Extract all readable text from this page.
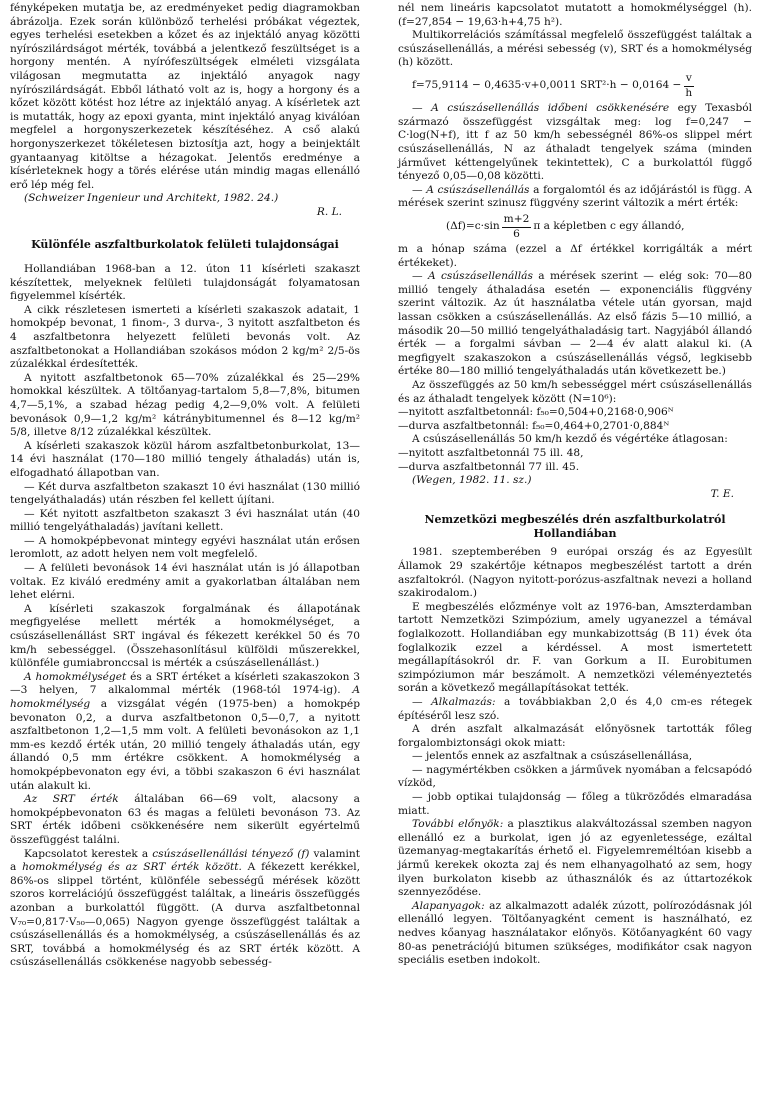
fényképeken mutatja be, az eredményeket pedig diagramokban ábrázolja. Ezek során különböző terhelési próbákat végeztek, egyes terhelési esetekben a kőzet és az injektáló anyag közötti nyírószilárdságot mérték, továbbá a jelentkező feszültséget is a horgony mentén. A nyírófeszültségek elméleti vizsgálata világosan megmutatta az injektáló anyagok nagy nyírószilárdságát. Ebből látható volt az is, hogy a horgony és a kőzet között kötést hoz létre az injektáló anyag. A kísérletek azt is mutatták, hogy az epoxi gyanta, mint injektáló anyag kiválóan megfelel a horgonyszerkezetek készítéséhez. A cső alakú horgonyszerkezet tökéletesen biztosítja azt, hogy a beinjektált gyantaanyag kitöltse a hézagokat. Jelentős eredménye a kísérleteknek hogy a törés elérése után mindig magas ellenálló erő lép még fel.

(Schweizer Ingenieur und Architekt, 1982. 24.)

R. L.

Különféle aszfaltburkolatok felületi tulajdonságai

Hollandiában 1968-ban a 12. úton 11 kísérleti szakaszt készítettek, melyeknek felületi tulajdonságát folyamatosan figyelemmel kísérték.

A cikk részletesen ismerteti a kísérleti szakaszok adatait, 1 homokpép bevonat, 1 finom-, 3 durva-, 3 nyitott aszfaltbeton és 4 aszfaltbetonra helyezett felületi bevonás volt. Az aszfaltbetonokat a Hollandiában szokásos módon 2 kg/m² 2/5-ös zúzalékkal érdesítették.

A nyitott aszfaltbetonok 65—70% zúzalékkal és 25—29% homokkal készültek. A töltőanyag-tartalom 5,8—7,8%, bitumen 4,7—5,1%, a szabad hézag pedig 4,2—9,0% volt. A felületi bevonások 0,9—1,2 kg/m² kátránybitumennel és 8—12 kg/m² 5/8, illetve 8/12 zúzalékkal készültek.

A kísérleti szakaszok közül három aszfaltbetonburkolat, 13—14 évi használat (170—180 millió tengely áthaladás) után is, elfogadható állapotban van.

— Két durva aszfaltbeton szakaszt 10 évi használat (130 millió tengelyáthaladás) után részben fel kellett újítani.

— Két nyitott aszfaltbeton szakaszt 3 évi használat után (40 millió tengelyáthaladás) javítani kellett.

— A homokpépbevonat mintegy egyévi használat után erősen leromlott, az adott helyen nem volt megfelelő.

— A felületi bevonások 14 évi használat után is jó állapotban voltak. Ez kiváló eredmény amit a gyakorlatban általában nem lehet elérni.

A kísérleti szakaszok forgalmának és állapotának megfigyelése mellett mérték a homokmélységet, a csúszásellenállást SRT ingával és fékezett kerékkel 50 és 70 km/h sebességgel. (Összehasonlításul külföldi műszerekkel, különféle gumiabronccsal is mérték a csúszásellenállást.)

A homokmélységet és a SRT értéket a kísérleti szakaszokon 3—3 helyen, 7 alkalommal mérték (1968-tól 1974-ig). A homokmélység a vizsgálat végén (1975-ben) a homokpép bevonaton 0,2, a durva aszfaltbetonon 0,5—0,7, a nyitott aszfaltbetonon 1,2—1,5 mm volt. A felületi bevonásokon az 1,1 mm-es kezdő érték után, 20 millió tengely áthaladás után, egy állandó 0,5 mm értékre csökkent. A homokmélység a homokpépbevonaton egy évi, a többi szakaszon 6 évi használat után alakult ki.

Az SRT érték általában 66—69 volt, alacsony a homokpépbevonaton 63 és magas a felületi bevonáson 73. Az SRT érték időbeni csökkenésére nem sikerült egyértelmű összefüggést találni.

Kapcsolatot kerestek a csúszásellenállási tényező (f) valamint a homokmélység és az SRT érték között. A fékezett kerékkel, 86%-os slippel történt, különféle sebességű mérések között szoros korrelációjú összefüggést találtak, a lineáris összefüggés azonban a burkolattól függött. (A durva aszfaltbetonnal V₇₀=0,817·V₅₀—0,065) Nagyon gyenge összefüggést találtak a csúszásellenállás és a homokmélység, a csúszásellenállás és az SRT, továbbá a homokmélység és az SRT érték között. A csúszásellenállás csökkenése nagyobb sebesség-

nél nem lineáris kapcsolatot mutatott a homokmélységgel (h). (f=27,854 − 19,63·h+4,75 h²).

Multikorrelációs számítással megfelelő összefüggést találtak a csúszásellenállás, a mérési sebesség (v), SRT és a homokmélység (h) között.

f=75,9114 − 0,4635·v+0,0011 $SRT^2\cdot h - 0,0164 - \frac{v}{h}$

— A csúszásellenállás időbeni csökkenésére egy Texasból származó összefüggést vizsgáltak meg: log f=0,247 − C·log(N+f), itt f az 50 km/h sebességnél 86%-os slippel mért csúszásellenállás, N az áthaladt tengelyek száma (minden járművet kéttengelyűnek tekintettek), C a burkolattól függő tényező 0,05—0,08 közötti.

— A csúszásellenállás a forgalomtól és az időjárástól is függ. A mérések szerint szinusz függvény szerint változik a mért érték:

$(\Delta f)=c\cdot\sin \frac{m+2}{6}$ π a képletben c egy állandó,

m a hónap száma (ezzel a Δf értékkel korrigálták a mért értékeket).

— A csúszásellenállás a mérések szerint — elég sok: 70—80 millió tengely áthaladása esetén — exponenciális függvény szerint változik. Az út használatba vétele után gyorsan, majd lassan csökken a csúszásellenállás. Az első fázis 5—10 millió, a második 20—50 millió tengelyáthaladásig tart. Nagyjából állandó érték — a forgalmi sávban — 2—4 év alatt alakul ki. (A megfigyelt szakaszokon a csúszásellenállás végső, legkisebb értéke 80—180 millió tengelyáthaladás után következett be.)

Az összefüggés az 50 km/h sebességgel mért csúszásellenállás és az áthaladt tengelyek között (N=10⁶):

—nyitott aszfaltbetonnál: f₅₀=0,504+0,2168·0,906ᴺ

—durva aszfaltbetonnál: f₅₀=0,464+0,2701·0,884ᴺ

A csúszásellenállás 50 km/h kezdő és végértéke átlagosan:

—nyitott aszfaltbetonnál 75 ill. 48,

—durva aszfaltbetonnál 77 ill. 45.

(Wegen, 1982. 11. sz.)

T. E.

Nemzetközi megbeszélés drén aszfaltburkolatról Hollandiában

1981. szeptemberében 9 európai ország és az Egyesült Államok 29 szakértője kétnapos megbeszélést tartott a drén aszfaltokról. (Nagyon nyitott-porózus-aszfaltnak nevezi a holland szakirodalom.)

E megbeszélés előzménye volt az 1976-ban, Amszterdamban tartott Nemzetközi Szimpózium, amely ugyanezzel a témával foglalkozott. Hollandiában egy munkabizottság (B 11) évek óta foglalkozik ezzel a kérdéssel. A most ismertetett megállapításokról dr. F. van Gorkum a II. Eurobitumen szimpóziumon már beszámolt. A nemzetközi véleményeztetés során a következő megállapításokat tették.

— Alkalmazás: a továbbiakban 2,0 és 4,0 cm-es rétegek építéséről lesz szó.

A drén aszfalt alkalmazását előnyösnek tartották főleg forgalombiztonsági okok miatt:

— jelentős ennek az aszfaltnak a csúszásellenállása,

— nagymértékben csökken a járművek nyomában a felcsapódó vízköd,

— jobb optikai tulajdonság — főleg a tükröződés elmaradása miatt.

További előnyök: a plasztikus alakváltozással szemben nagyon ellenálló ez a burkolat, igen jó az egyenletessége, ezáltal üzemanyag-megtakarítás érhető el. Figyelemreméltóan kisebb a jármű kerekek okozta zaj és nem elhanyagolható az sem, hogy ilyen burkolaton kisebb az úthasználók és az úttartozékok szennyeződése.

Alapanyagok: az alkalmazott adalék zúzott, polírozódásnak jól ellenálló legyen. Töltőanyagként cement is használható, ez nedves kőanyag használatakor előnyös. Kötőanyagként 60 vagy 80-as penetrációjú bitumen szükséges, modifikátor csak nagyon speciális esetben indokolt.
